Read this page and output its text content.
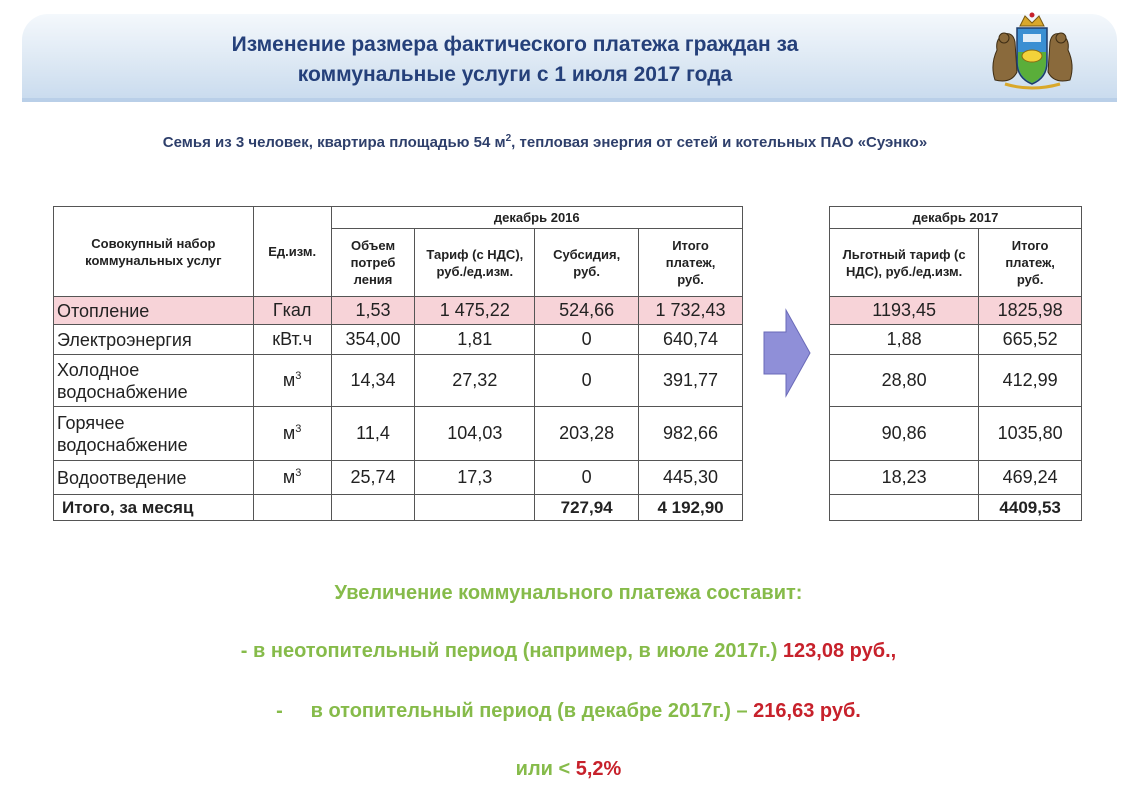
Изменение размера фактического платежа граждан за
коммунальные услуги с 1 июля 2017 года
Семья из 3 человек, квартира площадью 54 $м^2$, тепловая энергия от сетей и котельных ПАО «Суэнко»
Совокупный набор коммунальных услуг	Ед.изм.	декабрь 2016			
		Объем потреб ления	Тариф (с НДС), руб./ед.изм.	Субсидия, руб.	Итого платеж, руб.
Отопление	Гкал	1,53	1 475,22	524,66	1 732,43
Электроэнергия	кВт.ч	354,00	1,81	0	640,74
Холодное водоснабжение	$м^3$	14,34	27,32	0	391,77
Горячее водоснабжение	$м^3$	11,4	104,03	203,28	982,66
Водоотведение	$м^3$	25,74	17,3	0	445,30
Итого, за месяц				727,94	4 192,90
декабрь 2017	
Льготный тариф (с НДС), руб./ед.изм.	Итого платеж, руб.
1193,45	1825,98
1,88	665,52
28,80	412,99
90,86	1035,80
18,23	469,24
	4409,53
Увеличение коммунального платежа составит:
- в неотопительный период (например, в июле 2017г.) 123,08 руб.,
- в отопительный период (в декабре 2017г.) – 216,63 руб.
или < 5,2%
